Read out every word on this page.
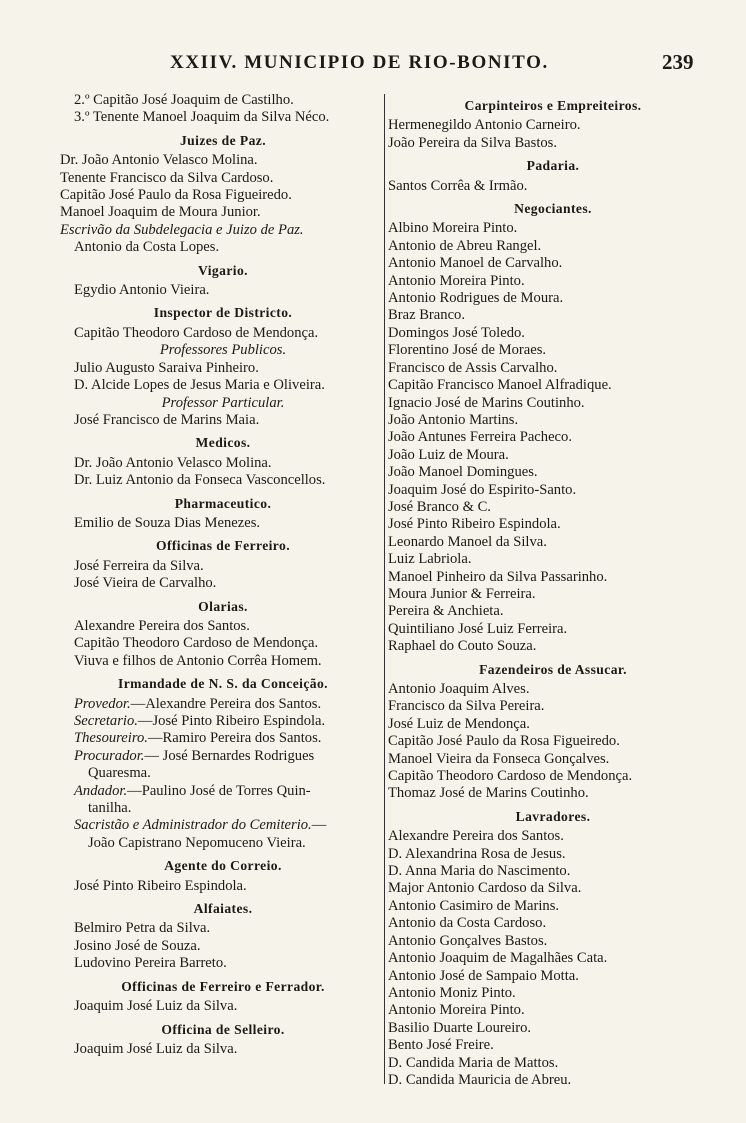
XXIIV. MUNICIPIO DE RIO-BONITO.	239
2.º Capitão José Joaquim de Castilho.
3.º Tenente Manoel Joaquim da Silva Néco.
Juizes de Paz.
Dr. João Antonio Velasco Molina.
Tenente Francisco da Silva Cardoso.
Capitão José Paulo da Rosa Figueiredo.
Manoel Joaquim de Moura Junior.
Escrivão da Subdelegacia e Juizo de Paz.
Antonio da Costa Lopes.
Vigario.
Egydio Antonio Vieira.
Inspector de Districto.
Capitão Theodoro Cardoso de Mendonça.
Professores Publicos.
Julio Augusto Saraiva Pinheiro.
D. Alcide Lopes de Jesus Maria e Oliveira.
Professor Particular.
José Francisco de Marins Maia.
Medicos.
Dr. João Antonio Velasco Molina.
Dr. Luiz Antonio da Fonseca Vasconcellos.
Pharmaceutico.
Emilio de Souza Dias Menezes.
Officinas de Ferreiro.
José Ferreira da Silva.
José Vieira de Carvalho.
Olarias.
Alexandre Pereira dos Santos.
Capitão Theodoro Cardoso de Mendonça.
Viuva e filhos de Antonio Corrêa Homem.
Irmandade de N. S. da Conceição.
Provedor.—Alexandre Pereira dos Santos.
Secretario.—José Pinto Ribeiro Espindola.
Thesoureiro.—Ramiro Pereira dos Santos.
Procurador.— José Bernardes Rodrigues
Quaresma.
Andador.—Paulino José de Torres Quin-
tanilha.
Sacristão e Administrador do Cemiterio.—
João Capistrano Nepomuceno Vieira.
Agente do Correio.
José Pinto Ribeiro Espindola.
Alfaiates.
Belmiro Petra da Silva.
Josino José de Souza.
Ludovino Pereira Barreto.
Officinas de Ferreiro e Ferrador.
Joaquim José Luiz da Silva.
Officina de Selleiro.
Joaquim José Luiz da Silva.
Carpinteiros e Empreiteiros.
Hermenegildo Antonio Carneiro.
João Pereira da Silva Bastos.
Padaria.
Santos Corrêa & Irmão.
Negociantes.
Albino Moreira Pinto.
Antonio de Abreu Rangel.
Antonio Manoel de Carvalho.
Antonio Moreira Pinto.
Antonio Rodrigues de Moura.
Braz Branco.
Domingos José Toledo.
Florentino José de Moraes.
Francisco de Assis Carvalho.
Capitão Francisco Manoel Alfradique.
Ignacio José de Marins Coutinho.
João Antonio Martins.
João Antunes Ferreira Pacheco.
João Luiz de Moura.
João Manoel Domingues.
Joaquim José do Espirito-Santo.
José Branco & C.
José Pinto Ribeiro Espindola.
Leonardo Manoel da Silva.
Luiz Labriola.
Manoel Pinheiro da Silva Passarinho.
Moura Junior & Ferreira.
Pereira & Anchieta.
Quintiliano José Luiz Ferreira.
Raphael do Couto Souza.
Fazendeiros de Assucar.
Antonio Joaquim Alves.
Francisco da Silva Pereira.
José Luiz de Mendonça.
Capitão José Paulo da Rosa Figueiredo.
Manoel Vieira da Fonseca Gonçalves.
Capitão Theodoro Cardoso de Mendonça.
Thomaz José de Marins Coutinho.
Lavradores.
Alexandre Pereira dos Santos.
D. Alexandrina Rosa de Jesus.
D. Anna Maria do Nascimento.
Major Antonio Cardoso da Silva.
Antonio Casimiro de Marins.
Antonio da Costa Cardoso.
Antonio Gonçalves Bastos.
Antonio Joaquim de Magalhães Cata.
Antonio José de Sampaio Motta.
Antonio Moniz Pinto.
Antonio Moreira Pinto.
Basilio Duarte Loureiro.
Bento José Freire.
D. Candida Maria de Mattos.
D. Candida Mauricia de Abreu.
